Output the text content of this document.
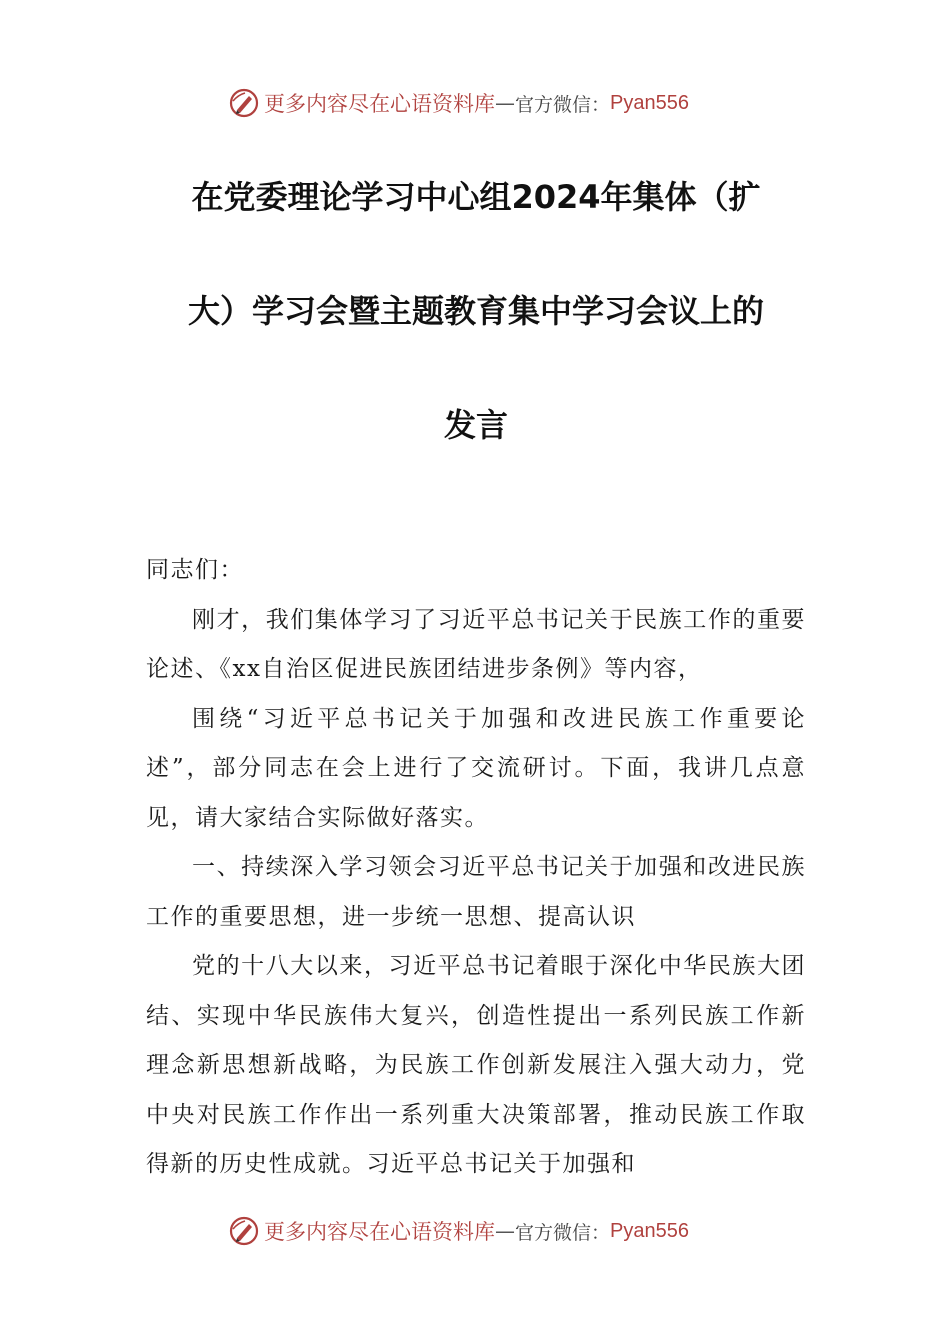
更多内容尽在心语资料库 — 官方微信： Pyan556
在党委理论学习中心组2024年集体（扩
大）学习会暨主题教育集中学习会议上的
发言

同志们：

刚才，我们集体学习了习近平总书记关于民族工作的重要论述、《xx自治区促进民族团结进步条例》等内容，

围绕“习近平总书记关于加强和改进民族工作重要论述”，部分同志在会上进行了交流研讨。下面，我讲几点意见，请大家结合实际做好落实。

一、持续深入学习领会习近平总书记关于加强和改进民族工作的重要思想，进一步统一思想、提高认识

党的十八大以来，习近平总书记着眼于深化中华民族大团结、实现中华民族伟大复兴，创造性提出一系列民族工作新理念新思想新战略，为民族工作创新发展注入强大动力，党中央对民族工作作出一系列重大决策部署，推动民族工作取得新的历史性成就。习近平总书记关于加强和

更多内容尽在心语资料库 — 官方微信： Pyan556
